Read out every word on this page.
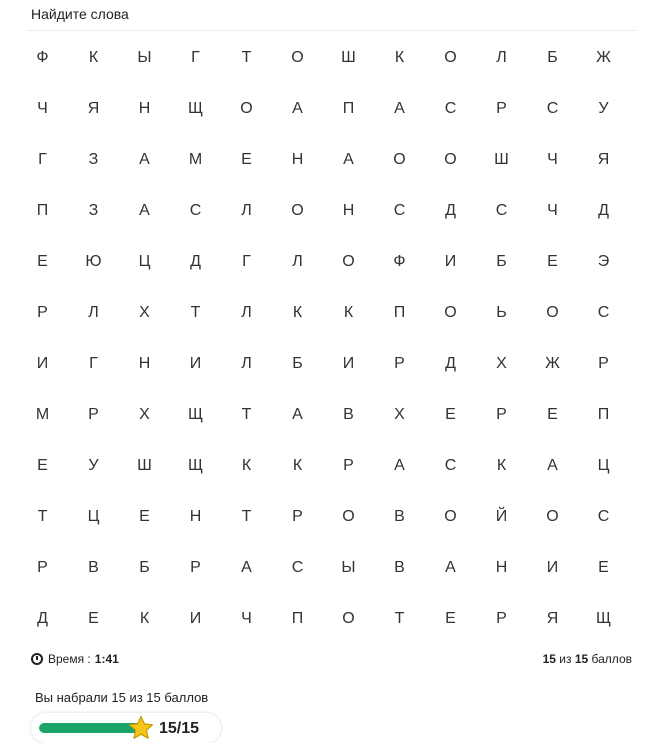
Найдите слова
Ф	К	Ы	Г	Т	О	Ш	К	О	Л	Б	Ж
Ч	Я	Н	Щ	О	А	П	А	С	Р	С	У
Г	З	А	М	Е	Н	А	О	О	Ш	Ч	Я
П	З	А	С	Л	О	Н	С	Д	С	Ч	Д
Е	Ю	Ц	Д	Г	Л	О	Ф	И	Б	Е	Э
Р	Л	Х	Т	Л	К	К	П	О	Ь	О	С
И	Г	Н	И	Л	Б	И	Р	Д	Х	Ж	Р
М	Р	Х	Щ	Т	А	В	Х	Е	Р	Е	П
Е	У	Ш	Щ	К	К	Р	А	С	К	А	Ц
Т	Ц	Е	Н	Т	Р	О	В	О	Й	О	С
Р	В	Б	Р	А	С	Ы	В	А	Н	И	Е
Д	Е	К	И	Ч	П	О	Т	Е	Р	Я	Щ
Время : 1:41	15 из 15 баллов
Вы набрали 15 из 15 баллов
15/15
